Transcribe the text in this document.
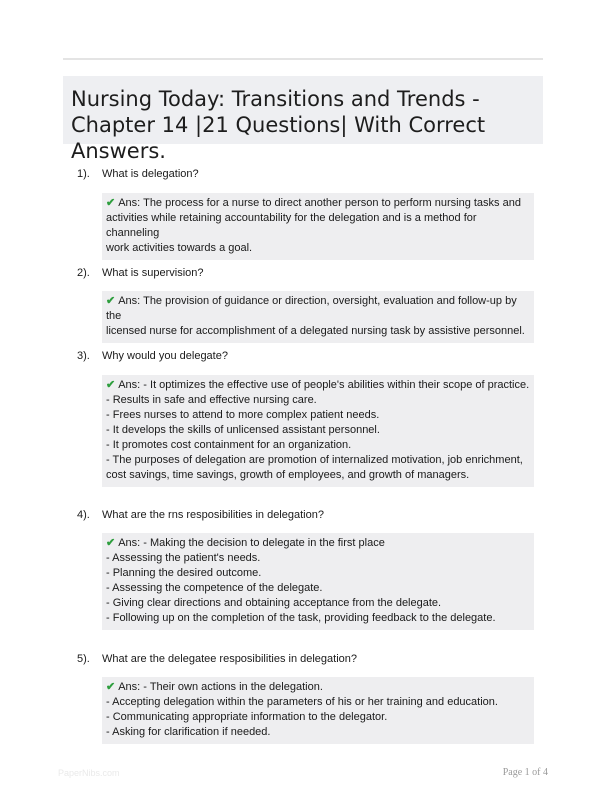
Nursing Today: Transitions and Trends - Chapter 14 |21 Questions| With Correct Answers.
1). What is delegation?
✔ Ans: The process for a nurse to direct another person to perform nursing tasks and
activities while retaining accountability for the delegation and is a method for channeling
work activities towards a goal.
2). What is supervision?
✔ Ans: The provision of guidance or direction, oversight, evaluation and follow-up by the
licensed nurse for accomplishment of a delegated nursing task by assistive personnel.
3). Why would you delegate?
✔ Ans: - It optimizes the effective use of people's abilities within their scope of practice.
- Results in safe and effective nursing care.
- Frees nurses to attend to more complex patient needs.
- It develops the skills of unlicensed assistant personnel.
- It promotes cost containment for an organization.
- The purposes of delegation are promotion of internalized motivation, job enrichment,
cost savings, time savings, growth of employees, and growth of managers.
4). What are the rns resposibilities in delegation?
✔ Ans: - Making the decision to delegate in the first place
- Assessing the patient's needs.
- Planning the desired outcome.
- Assessing the competence of the delegate.
- Giving clear directions and obtaining acceptance from the delegate.
- Following up on the completion of the task, providing feedback to the delegate.
5). What are the delegatee resposibilities in delegation?
✔ Ans: - Their own actions in the delegation.
- Accepting delegation within the parameters of his or her training and education.
- Communicating appropriate information to the delegator.
- Asking for clarification if needed.
PaperNibs.com	Page 1 of 4
